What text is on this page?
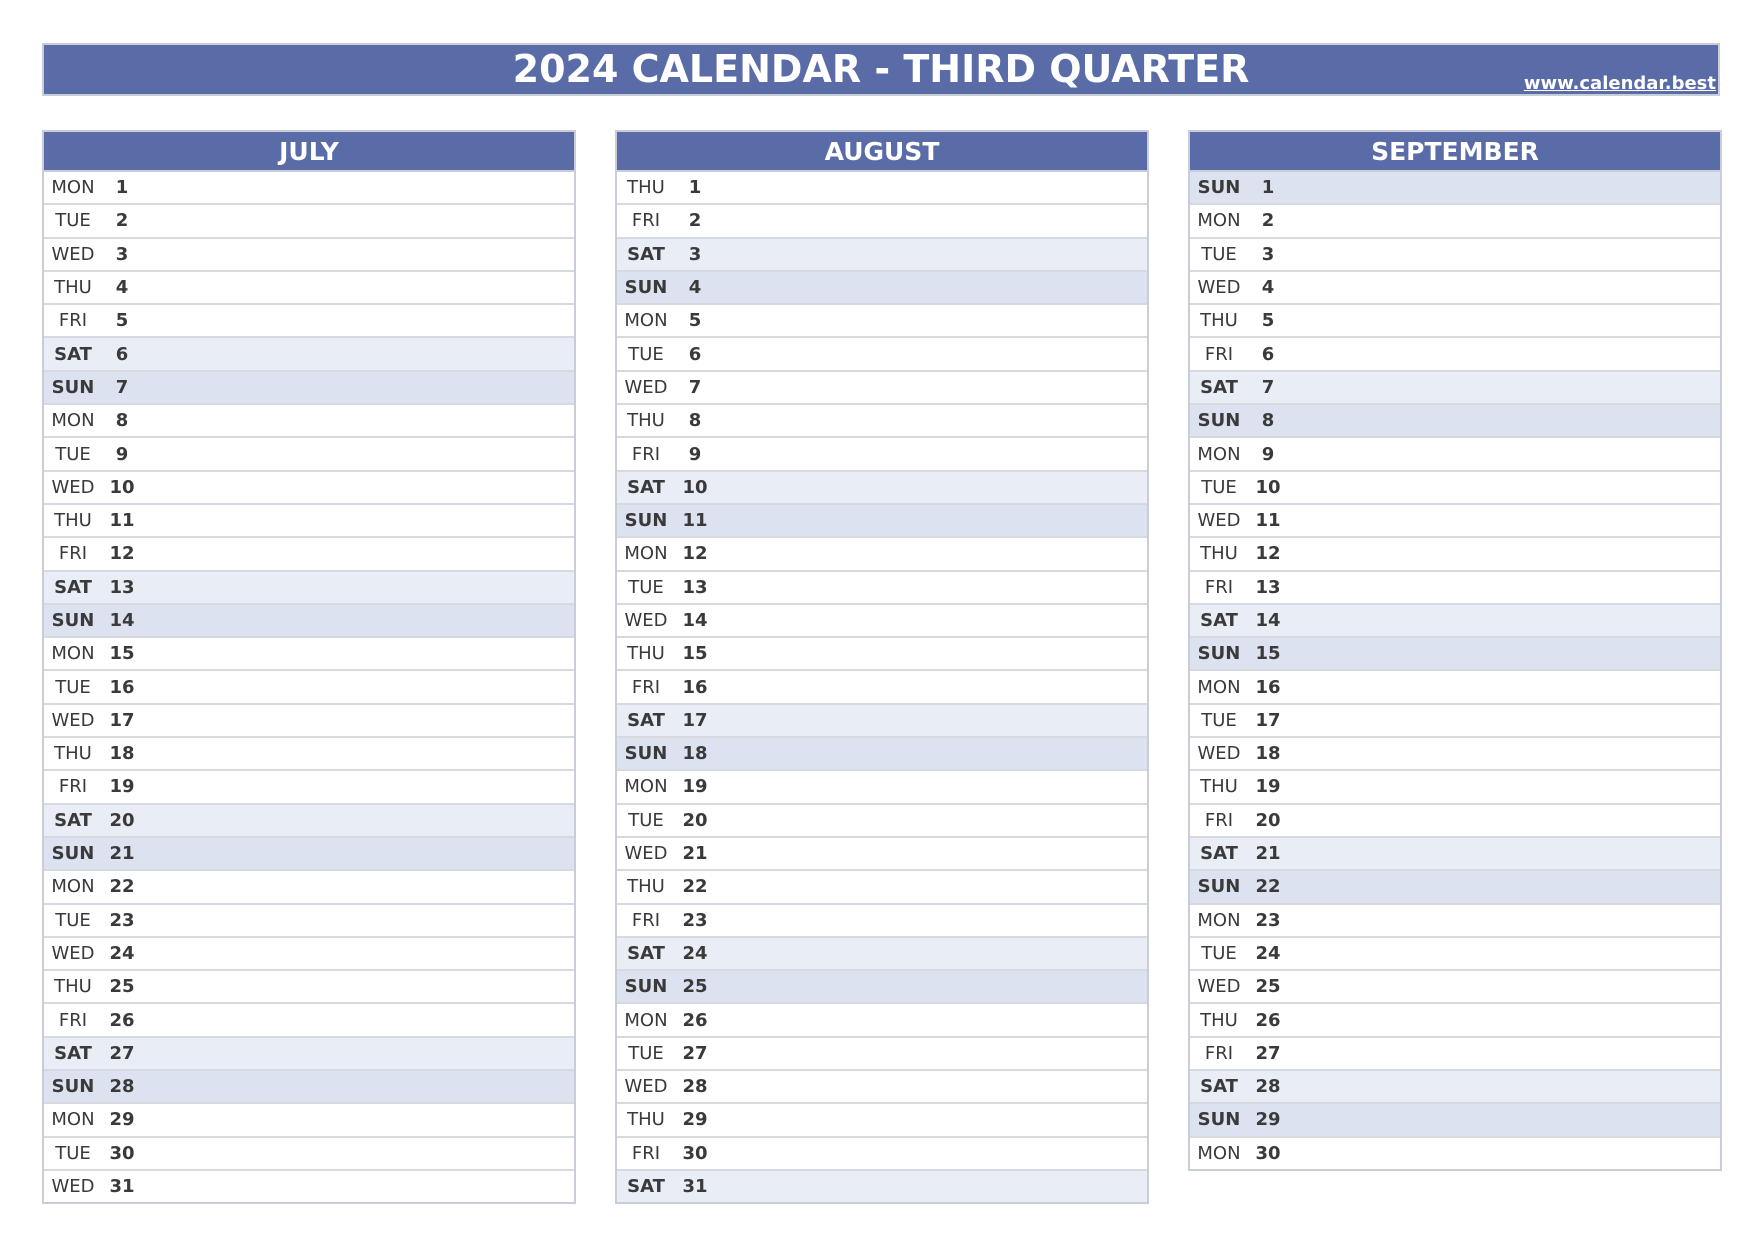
2024 CALENDAR - THIRD QUARTER	www.calendar.best
JULY
MON	1
TUE	2
WED	3
THU	4
FRI	5
SAT	6
SUN	7
MON	8
TUE	9
WED 10
THU 11
FRI	12
SAT 13
SUN 14
MON 15
TUE	16
WED 17
THU 18
FRI	19
SAT 20
SUN 21
MON 22
TUE	23
WED 24
THU 25
FRI	26
SAT 27
SUN 28
MON 29
TUE	30
WED 31
AUGUST
THU	1
FRI	2
SAT	3
SUN	4
MON	5
TUE	6
WED	7
THU	8
FRI	9
SAT 10
SUN 11
MON 12
TUE	13
WED 14
THU 15
FRI	16
SAT 17
SUN 18
MON 19
TUE	20
WED 21
THU 22
FRI	23
SAT 24
SUN 25
MON 26
TUE	27
WED 28
THU 29
FRI	30
SAT 31
SEPTEMBER
SUN	1
MON	2
TUE	3
WED	4
THU	5
FRI	6
SAT	7
SUN	8
MON	9
TUE	10
WED 11
THU 12
FRI	13
SAT 14
SUN 15
MON 16
TUE	17
WED 18
THU 19
FRI	20
SAT 21
SUN 22
MON 23
TUE	24
WED 25
THU 26
FRI	27
SAT 28
SUN 29
MON 30
